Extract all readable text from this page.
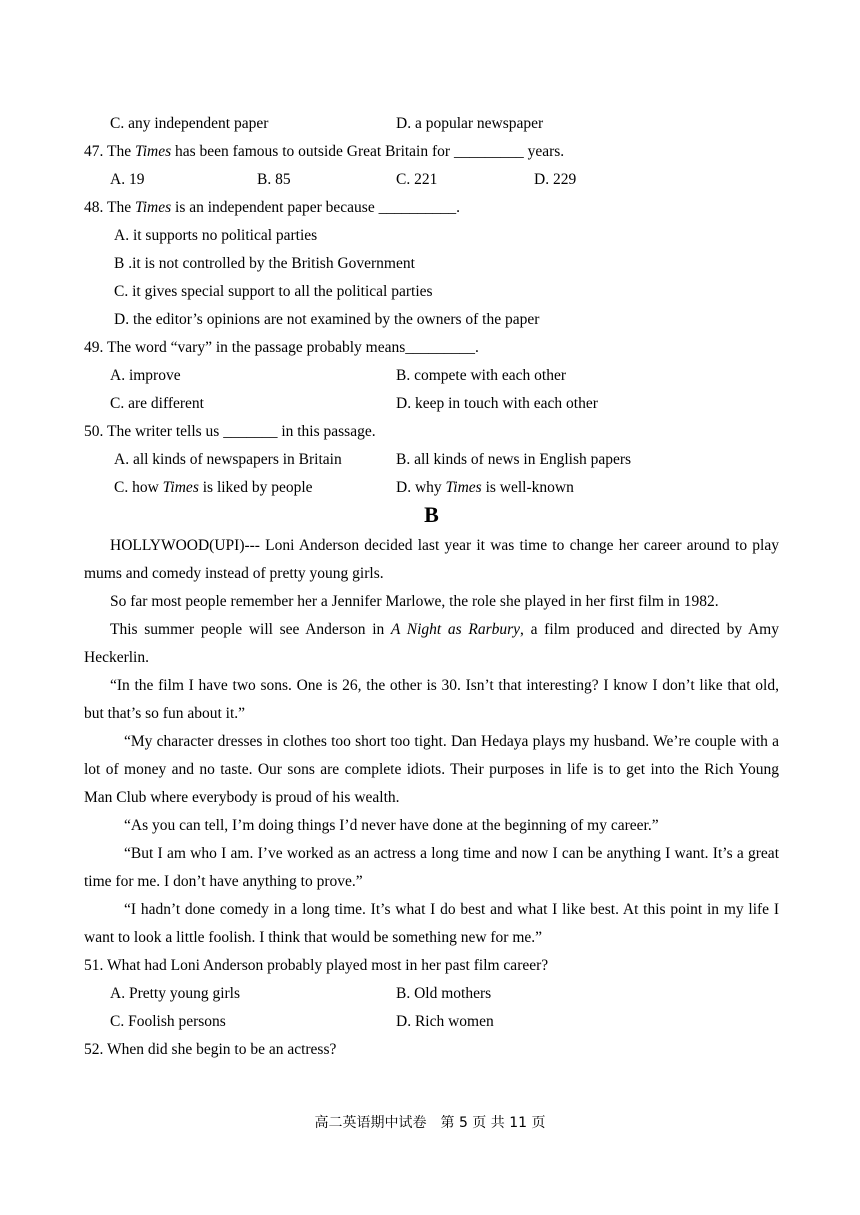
C. any independent paper	D. a popular newspaper
47. The Times has been famous to outside Great Britain for _________ years.
A. 19	B. 85	C. 221	D. 229
48. The Times is an independent paper because __________.
A. it supports no political parties
B .it is not controlled by the British Government
C. it gives special support to all the political parties
D. the editor’s opinions are not examined by the owners of the paper
49. The word “vary” in the passage probably means_________.
A. improve	B. compete with each other
C. are different	D. keep in touch with each other
50. The writer tells us _______ in this passage.
A. all kinds of newspapers in Britain	B. all kinds of news in English papers
C. how Times is liked by people	D. why Times is well-known
B

HOLLYWOOD(UPI)--- Loni Anderson decided last year it was time to change her career around to play mums and comedy instead of pretty young girls.

So far most people remember her a Jennifer Marlowe, the role she played in her first film in 1982.

This summer people will see Anderson in A Night as Rarbury, a film produced and directed by Amy Heckerlin.

“In the film I have two sons. One is 26, the other is 30. Isn’t that interesting? I know I don’t like that old, but that’s so fun about it.”

“My character dresses in clothes too short too tight. Dan Hedaya plays my husband. We’re couple with a lot of money and no taste. Our sons are complete idiots. Their purposes in life is to get into the Rich Young Man Club where everybody is proud of his wealth.

“As you can tell, I’m doing things I’d never have done at the beginning of my career.”

“But I am who I am. I’ve worked as an actress a long time and now I can be anything I want. It’s a great time for me. I don’t have anything to prove.”

“I hadn’t done comedy in a long time. It’s what I do best and what I like best. At this point in my life I want to look a little foolish. I think that would be something new for me.”

51. What had Loni Anderson probably played most in her past film career?
A. Pretty young girls	B. Old mothers
C. Foolish persons	D. Rich women
52. When did she begin to be an actress?
高二英语期中试卷　第 5 页 共 11 页
